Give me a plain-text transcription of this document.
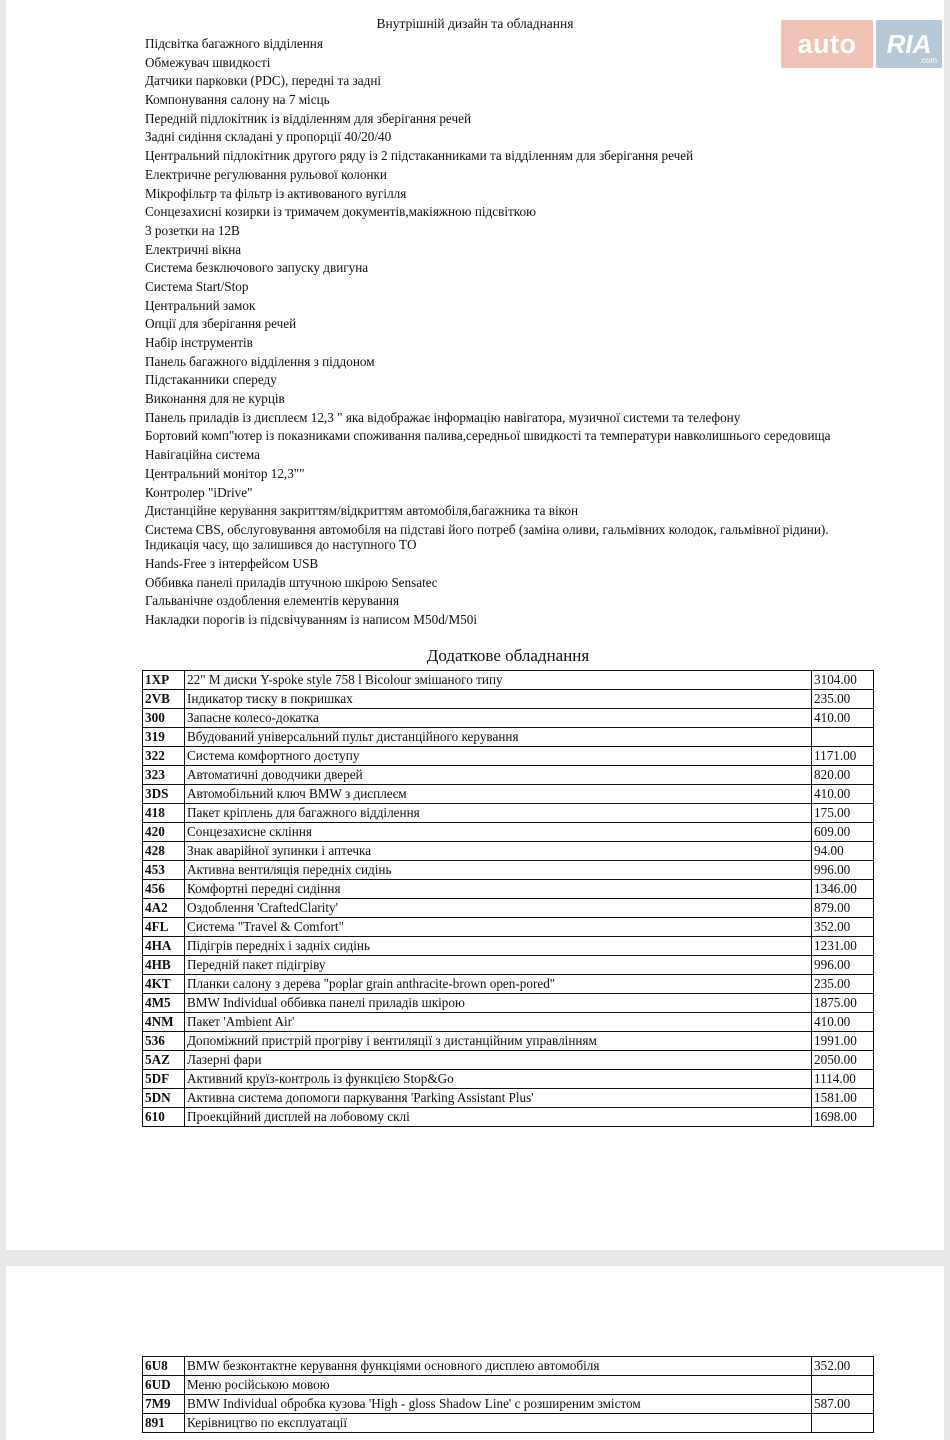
auto	RIA
.com
Внутрішній дизайн та обладнання
Підсвітка багажного відділення
Обмежувач швидкості
Датчики парковки (PDC), передні та задні
Компонування салону на 7 місць
Передній підлокітник із відділенням для зберігання речей
Задні сидіння складані у пропорції 40/20/40
Центральний підлокітник другого ряду із 2 підстаканниками та відділенням для зберігання речей
Електричне регулювання рульової колонки
Мікрофільтр та фільтр із активованого вугілля
Сонцезахисні козирки із тримачем документів,макіяжною підсвіткою
3 розетки на 12В
Електричні вікна
Система безключового запуску двигуна
Система Start/Stop
Центральний замок
Опції для зберігання речей
Набір інструментів
Панель багажного відділення з піддоном
Підстаканники спереду
Виконання для не курців
Панель приладів із дисплеєм 12,3 " яка відображає інформацію навігатора, музичної системи та телефону
Бортовий комп"ютер із показниками споживання палива,середньої швидкості та температури навколишнього середовища
Навігаційна система
Центральний монітор 12,3""
Контролер "iDrive"
Дистанційне керування закриттям/відкриттям автомобіля,багажника та вікон
Система CBS, обслуговування автомобіля на підставі його потреб (заміна оливи, гальмівних колодок, гальмівної рідини). Індикація часу, що залишився до наступного ТО
Hands-Free з інтерфейсом USB
Оббивка панелі приладів штучною шкірою Sensatec
Гальванічне оздоблення елементів керування
Накладки порогів із підсвічуванням із написом M50d/M50i
Додаткове обладнання
1XP	22" M диски Y-spoke style 758 l Bicolour змішаного типу	3104.00
2VB	Індикатор тиску в покришках	235.00
300	Запасне колесо-докатка	410.00
319	Вбудований універсальний пульт дистанційного керування	
322	Система комфортного доступу	1171.00
323	Автоматичні доводчики дверей	820.00
3DS	Автомобільний ключ BMW з дисплеєм	410.00
418	Пакет кріплень для багажного відділення	175.00
420	Сонцезахисне скління	609.00
428	Знак аварійної зупинки і аптечка	94.00
453	Активна вентиляція передніх сидінь	996.00
456	Комфортні передні сидіння	1346.00
4A2	Оздоблення 'CraftedClarity'	879.00
4FL	Система "Travel & Comfort"	352.00
4HA	Підігрів передніх і задніх сидінь	1231.00
4HB	Передній пакет підігріву	996.00
4KT	Планки салону з дерева "poplar grain anthracite-brown open-pored"	235.00
4M5	BMW Individual оббивка панелі приладів шкірою	1875.00
4NM	Пакет 'Ambient Air'	410.00
536	Допоміжний пристрій прогріву і вентиляції з дистанційним управлінням	1991.00
5AZ	Лазерні фари	2050.00
5DF	Активний круїз-контроль із функцією Stop&Go	1114.00
5DN	Активна система допомоги паркування 'Parking Assistant Plus'	1581.00
610	Проекційний дисплей на лобовому склі	1698.00
6U8	BMW безконтактне керування функціями основного дисплею автомобіля	352.00
6UD	Меню російською мовою	
7M9	BMW Individual обробка кузова 'High - gloss Shadow Line' с розширеним змістом	587.00
891	Керівництво по експлуатації	
